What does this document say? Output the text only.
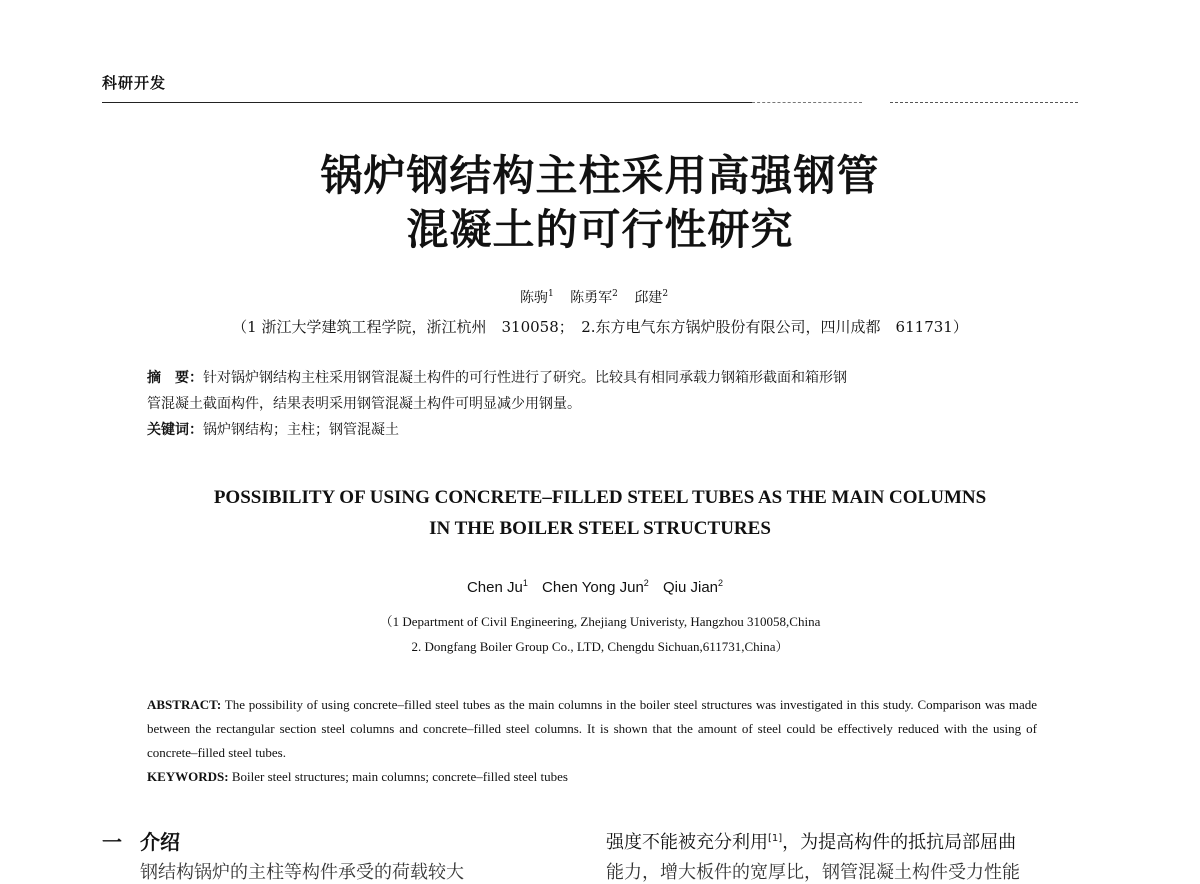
科研开发
锅炉钢结构主柱采用高强钢管
混凝土的可行性研究
陈驹$^1$ 陈勇军$^2$ 邱建$^2$
（1 浙江大学建筑工程学院，浙江杭州　310058；　2.东方电气东方锅炉股份有限公司，四川成都　611731）
摘　要：针对锅炉钢结构主柱采用钢管混凝土构件的可行性进行了研究。比较具有相同承载力钢箱形截面和箱形钢
管混凝土截面构件，结果表明采用钢管混凝土构件可明显减少用钢量。
关键词：锅炉钢结构；主柱；钢管混凝土
POSSIBILITY OF USING CONCRETE–FILLED STEEL TUBES AS THE MAIN COLUMNS
IN THE BOILER STEEL STRUCTURES
Chen Ju$^1$ Chen Yong Jun$^2$ Qiu Jian$^2$
（1 Department of Civil Engineering, Zhejiang Univeristy, Hangzhou 310058,China
2. Dongfang Boiler Group Co., LTD, Chengdu Sichuan,611731,China）
ABSTRACT: The possibility of using concrete–filled steel tubes as the main columns in the boiler steel structures was investigated in this study. Comparison was made between the rectangular section steel columns and concrete–filled steel columns. It is shown that the amount of steel could be effectively reduced with the using of concrete–filled steel tubes.
KEYWORDS: Boiler steel structures; main columns; concrete–filled steel tubes
一 介绍	强度不能被充分利用[1]，为提高构件的抵抗局部屈曲
钢结构锅炉的主柱等构件承受的荷载较大	能力，增大板件的宽厚比，钢管混凝土构件受力性能
